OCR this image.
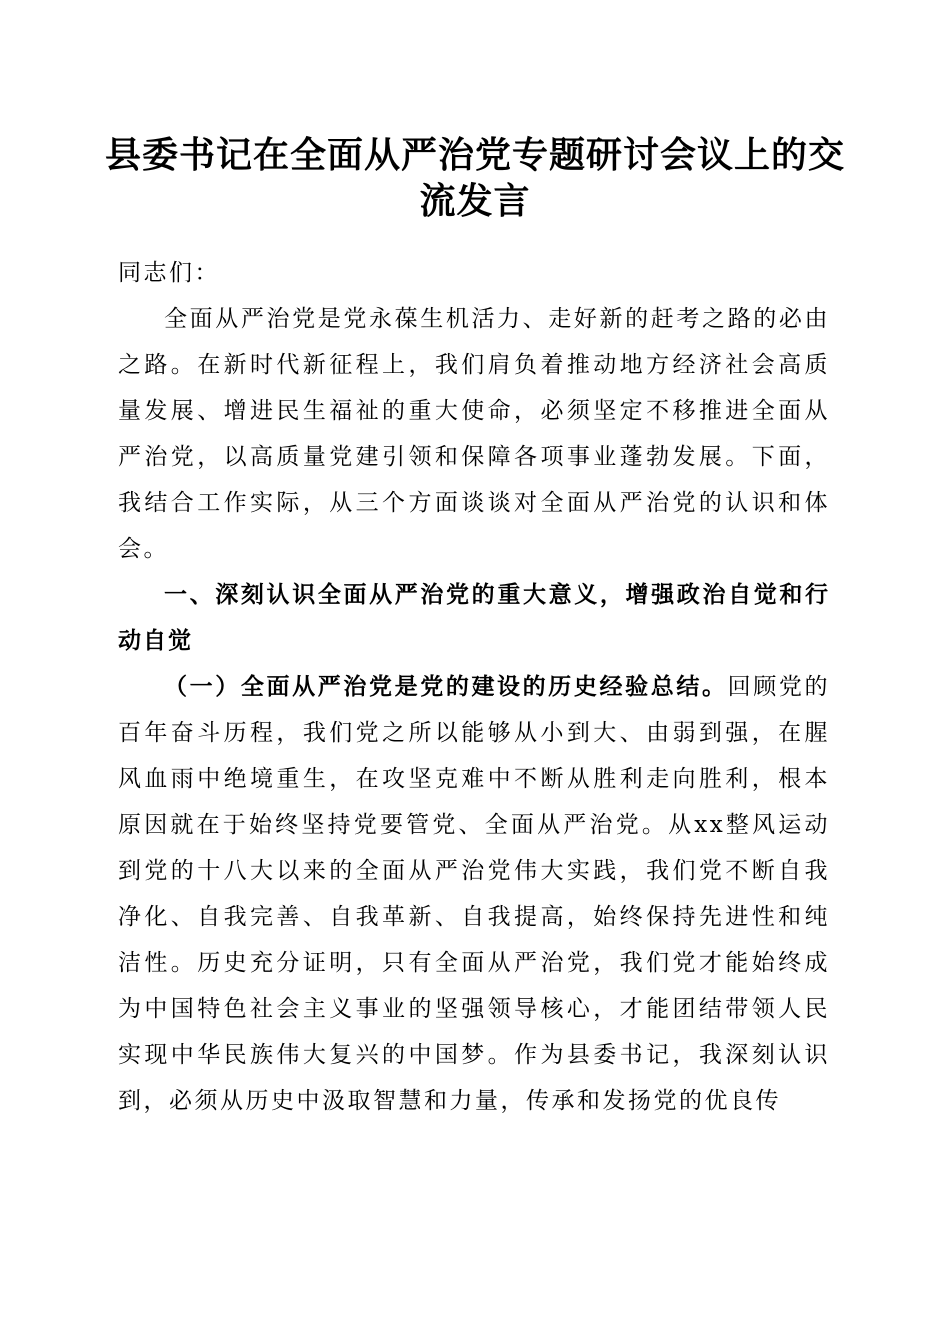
县委书记在全面从严治党专题研讨会议上的交流发言

同志们：

全面从严治党是党永葆生机活力、走好新的赶考之路的必由之路。在新时代新征程上，我们肩负着推动地方经济社会高质量发展、增进民生福祉的重大使命，必须坚定不移推进全面从严治党，以高质量党建引领和保障各项事业蓬勃发展。下面，我结合工作实际，从三个方面谈谈对全面从严治党的认识和体会。

一、深刻认识全面从严治党的重大意义，增强政治自觉和行动自觉

（一）全面从严治党是党的建设的历史经验总结。回顾党的百年奋斗历程，我们党之所以能够从小到大、由弱到强，在腥风血雨中绝境重生，在攻坚克难中不断从胜利走向胜利，根本原因就在于始终坚持党要管党、全面从严治党。从xx整风运动到党的十八大以来的全面从严治党伟大实践，我们党不断自我净化、自我完善、自我革新、自我提高，始终保持先进性和纯洁性。历史充分证明，只有全面从严治党，我们党才能始终成为中国特色社会主义事业的坚强领导核心，才能团结带领人民实现中华民族伟大复兴的中国梦。作为县委书记，我深刻认识到，必须从历史中汲取智慧和力量，传承和发扬党的优良传
